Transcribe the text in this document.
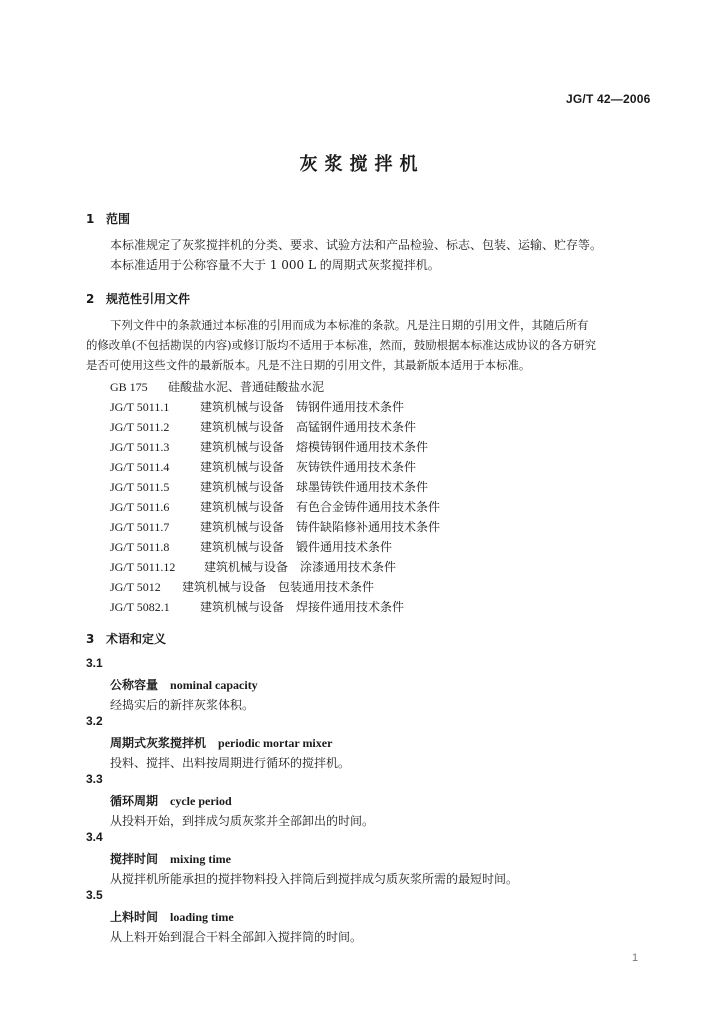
JG/T 42—2006
灰浆搅拌机
1 范围
本标准规定了灰浆搅拌机的分类、要求、试验方法和产品检验、标志、包装、运输、贮存等。
本标准适用于公称容量不大于 1 000 L 的周期式灰浆搅拌机。
2 规范性引用文件
下列文件中的条款通过本标准的引用而成为本标准的条款。凡是注日期的引用文件，其随后所有
的修改单(不包括勘误的内容)或修订版均不适用于本标准，然而，鼓励根据本标准达成协议的各方研究
是否可使用这些文件的最新版本。凡是不注日期的引用文件，其最新版本适用于本标准。
GB 175 硅酸盐水泥、普通硅酸盐水泥
JG/T 5011.1	建筑机械与设备　铸钢件通用技术条件
JG/T 5011.2	建筑机械与设备　高锰钢件通用技术条件
JG/T 5011.3	建筑机械与设备　熔模铸钢件通用技术条件
JG/T 5011.4	建筑机械与设备　灰铸铁件通用技术条件
JG/T 5011.5	建筑机械与设备　球墨铸铁件通用技术条件
JG/T 5011.6	建筑机械与设备　有色合金铸件通用技术条件
JG/T 5011.7	建筑机械与设备　铸件缺陷修补通用技术条件
JG/T 5011.8	建筑机械与设备　锻件通用技术条件
JG/T 5011.12 建筑机械与设备　涂漆通用技术条件
JG/T 5012 建筑机械与设备　包装通用技术条件
JG/T 5082.1	建筑机械与设备　焊接件通用技术条件
3 术语和定义
3.1
公称容量 nominal capacity
经捣实后的新拌灰浆体积。
3.2
周期式灰浆搅拌机 periodic mortar mixer
投料、搅拌、出料按周期进行循环的搅拌机。
3.3
循环周期 cycle period
从投料开始，到拌成匀质灰浆并全部卸出的时间。
3.4
搅拌时间 mixing time
从搅拌机所能承担的搅拌物料投入拌筒后到搅拌成匀质灰浆所需的最短时间。
3.5
上料时间 loading time
从上料开始到混合干料全部卸入搅拌筒的时间。
1
